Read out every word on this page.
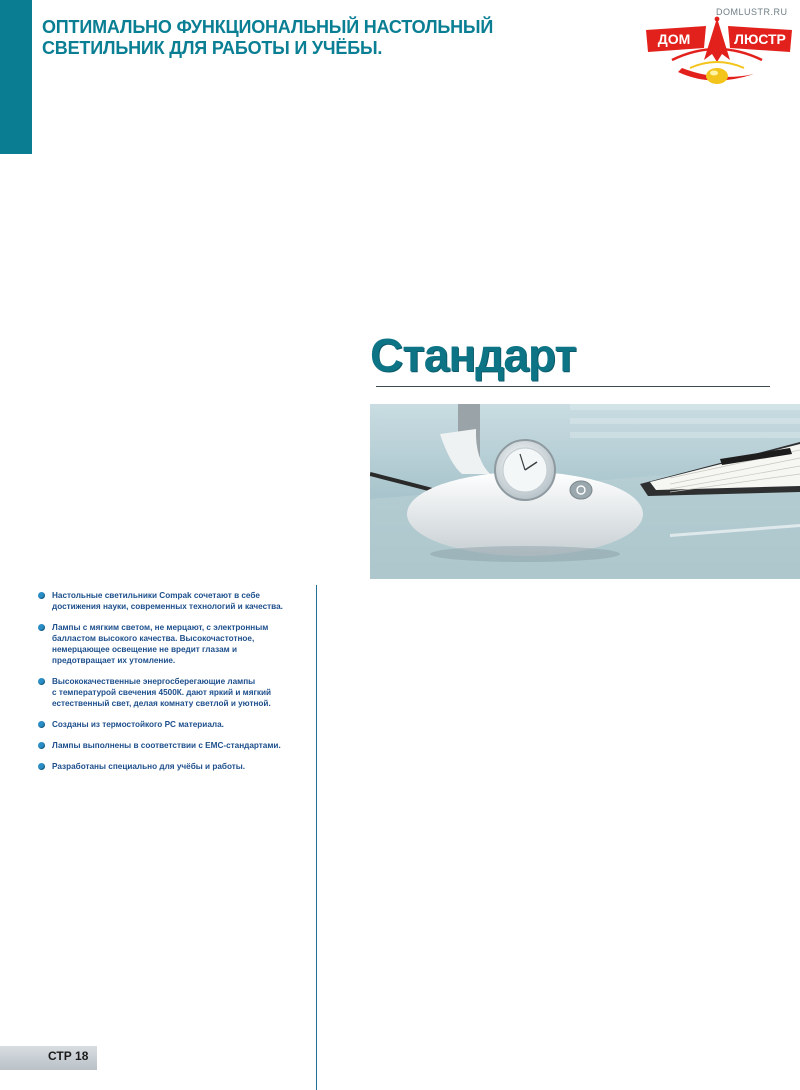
ОПТИМАЛЬНО ФУНКЦИОНАЛЬНЫЙ НАСТОЛЬНЫЙ
СВЕТИЛЬНИК ДЛЯ РАБОТЫ И УЧЁБЫ.
DOMLUSTR.RU
ДОМ	ЛЮСТР
Стандарт
Настольные светильники Compak сочетают в себе
достижения науки, современных технологий и качества.
Лампы с мягким светом, не мерцают, с электронным
балластом высокого качества. Высокочастотное,
немерцающее освещение не вредит глазам и
предотвращает их утомление.
Высококачественные энергосберегающие лампы
с температурой свечения 4500К. дают яркий и мягкий
естественный свет, делая комнату светлой и уютной.
Созданы из термостойкого PC материала.
Лампы выполнены в соответствии с EMC-стандартами.
Разработаны специально для учёбы и работы.
СТР 18
